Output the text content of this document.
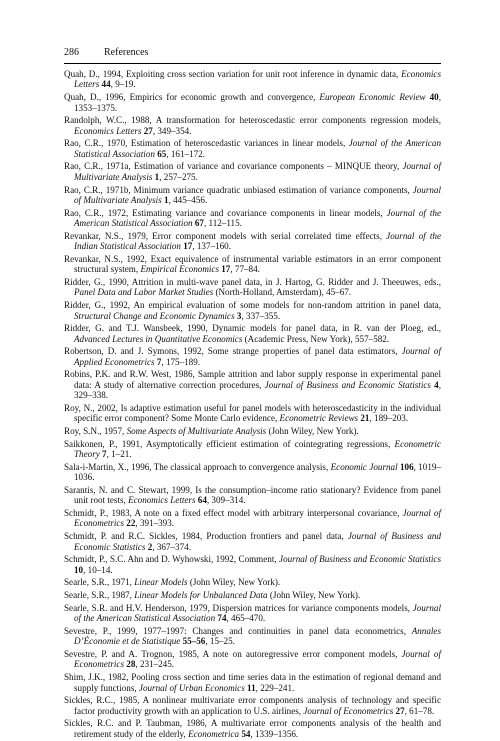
286	References

Quah, D., 1994, Exploiting cross section variation for unit root inference in dynamic data, Economics Letters 44, 9–19.

Quah, D., 1996, Empirics for economic growth and convergence, European Economic Review 40, 1353–1375.

Randolph, W.C., 1988, A transformation for heteroscedastic error components regression models, Economics Letters 27, 349–354.

Rao, C.R., 1970, Estimation of heteroscedastic variances in linear models, Journal of the American Statistical Association 65, 161–172.

Rao, C.R., 1971a, Estimation of variance and covariance components – MINQUE theory, Journal of Multivariate Analysis 1, 257–275.

Rao, C.R., 1971b, Minimum variance quadratic unbiased estimation of variance components, Journal of Multivariate Analysis 1, 445–456.

Rao, C.R., 1972, Estimating variance and covariance components in linear models, Journal of the American Statistical Association 67, 112–115.

Revankar, N.S., 1979, Error component models with serial correlated time effects, Journal of the Indian Statistical Association 17, 137–160.

Revankar, N.S., 1992, Exact equivalence of instrumental variable estimators in an error component structural system, Empirical Economics 17, 77–84.

Ridder, G., 1990, Attrition in multi-wave panel data, in J. Hartog, G. Ridder and J. Theeuwes, eds., Panel Data and Labor Market Studies (North-Holland, Amsterdam), 45–67.

Ridder, G., 1992, An empirical evaluation of some models for non-random attrition in panel data, Structural Change and Economic Dynamics 3, 337–355.

Ridder, G. and T.J. Wansbeek, 1990, Dynamic models for panel data, in R. van der Ploeg, ed., Advanced Lectures in Quantitative Economics (Academic Press, New York), 557–582.

Robertson, D. and J. Symons, 1992, Some strange properties of panel data estimators, Journal of Applied Econometrics 7, 175–189.

Robins, P.K. and R.W. West, 1986, Sample attrition and labor supply response in experimental panel data: A study of alternative correction procedures, Journal of Business and Economic Statistics 4, 329–338.

Roy, N., 2002, Is adaptive estimation useful for panel models with heteroscedasticity in the individual specific error component? Some Monte Carlo evidence, Econometric Reviews 21, 189–203.

Roy, S.N., 1957, Some Aspects of Multivariate Analysis (John Wiley, New York).

Saikkonen, P., 1991, Asymptotically efficient estimation of cointegrating regressions, Econometric Theory 7, 1–21.

Sala-i-Martin, X., 1996, The classical approach to convergence analysis, Economic Journal 106, 1019–1036.

Sarantis, N. and C. Stewart, 1999, Is the consumption–income ratio stationary? Evidence from panel unit root tests, Economics Letters 64, 309–314.

Schmidt, P., 1983, A note on a fixed effect model with arbitrary interpersonal covariance, Journal of Econometrics 22, 391–393.

Schmidt, P. and R.C. Sickles, 1984, Production frontiers and panel data, Journal of Business and Economic Statistics 2, 367–374.

Schmidt, P., S.C. Ahn and D. Wyhowski, 1992, Comment, Journal of Business and Economic Statistics 10, 10–14.

Searle, S.R., 1971, Linear Models (John Wiley, New York).

Searle, S.R., 1987, Linear Models for Unbalanced Data (John Wiley, New York).

Searle, S.R. and H.V. Henderson, 1979, Dispersion matrices for variance components models, Journal of the American Statistical Association 74, 465–470.

Sevestre, P., 1999, 1977–1997: Changes and continuities in panel data econometrics, Annales D’Économie et de Statistique 55–56, 15–25.

Sevestre, P. and A. Trognon, 1985, A note on autoregressive error component models, Journal of Econometrics 28, 231–245.

Shim, J.K., 1982, Pooling cross section and time series data in the estimation of regional demand and supply functions, Journal of Urban Economics 11, 229–241.

Sickles, R.C., 1985, A nonlinear multivariate error components analysis of technology and specific factor productivity growth with an application to U.S. airlines, Journal of Econometrics 27, 61–78.

Sickles, R.C. and P. Taubman, 1986, A multivariate error components analysis of the health and retirement study of the elderly, Econometrica 54, 1339–1356.
